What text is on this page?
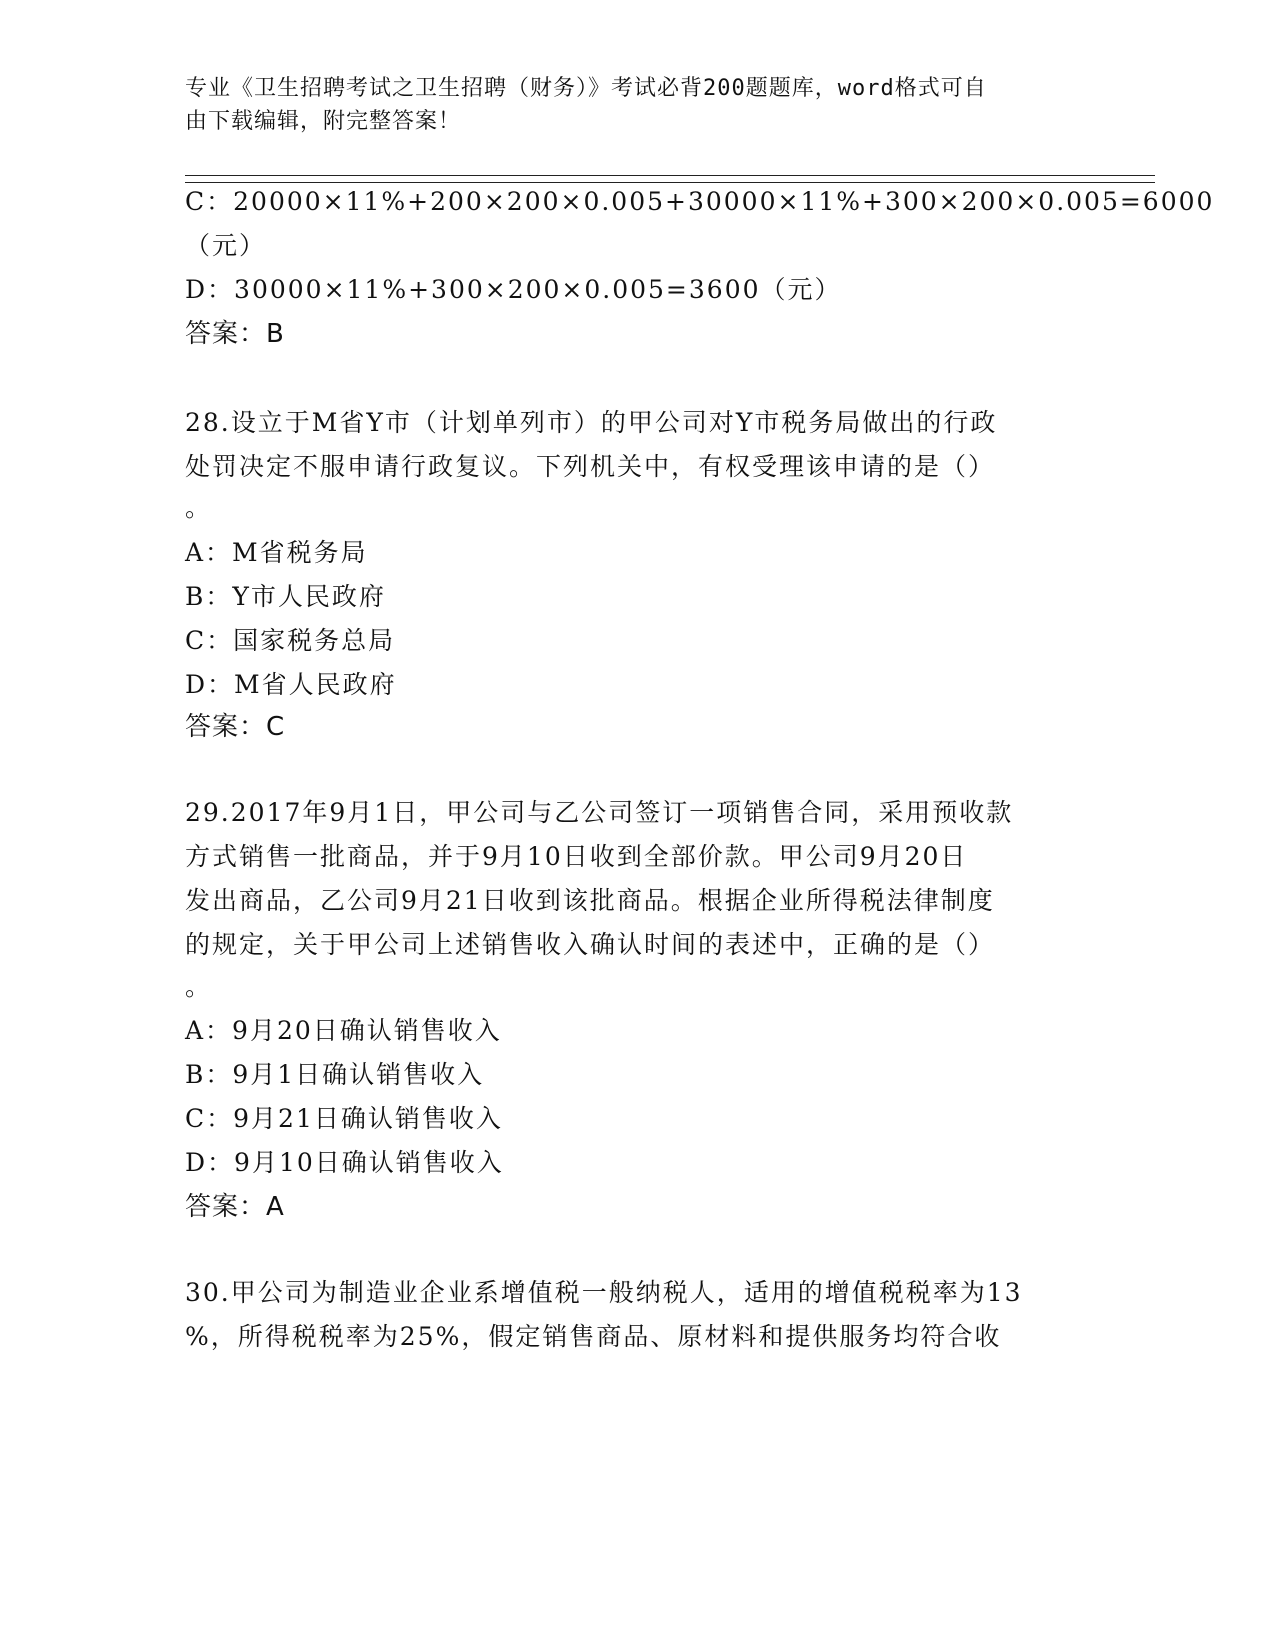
专业《卫生招聘考试之卫生招聘（财务）》考试必背200题题库，word格式可自
由下载编辑，附完整答案！
C：20000×11%+200×200×0.005+30000×11%+300×200×0.005=6000
（元）
D：30000×11%+300×200×0.005=3600（元）
答案：B
28.设立于M省Y市（计划单列市）的甲公司对Y市税务局做出的行政
处罚决定不服申请行政复议。下列机关中，有权受理该申请的是（）
。
A：M省税务局
B：Y市人民政府
C：国家税务总局
D：M省人民政府
答案：C
29.2017年9月1日，甲公司与乙公司签订一项销售合同，采用预收款
方式销售一批商品，并于9月10日收到全部价款。甲公司9月20日
发出商品，乙公司9月21日收到该批商品。根据企业所得税法律制度
的规定，关于甲公司上述销售收入确认时间的表述中，正确的是（）
。
A：9月20日确认销售收入
B：9月1日确认销售收入
C：9月21日确认销售收入
D：9月10日确认销售收入
答案：A
30.甲公司为制造业企业系增值税一般纳税人，适用的增值税税率为13
%，所得税税率为25%，假定销售商品、原材料和提供服务均符合收
